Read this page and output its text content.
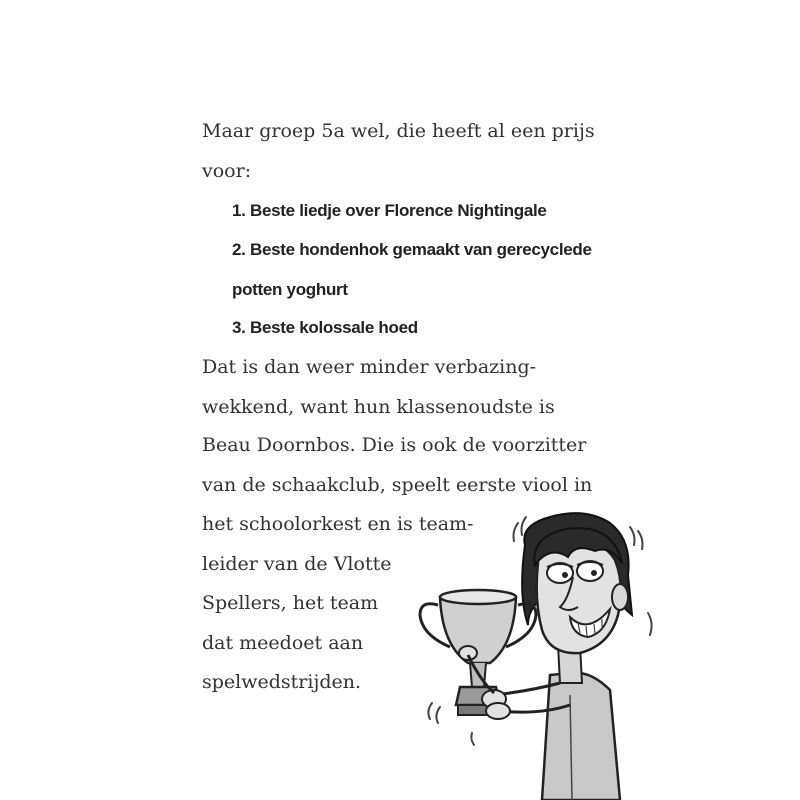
Maar groep 5a wel, die heeft al een prijs
voor:
1. Beste liedje over Florence Nightingale
2. Beste hondenhok gemaakt van gerecyclede
potten yoghurt
3. Beste kolossale hoed
Dat is dan weer minder verbazing-
wekkend, want hun klassenoudste is
Beau Doornbos. Die is ook de voorzitter
van de schaakclub, speelt eerste viool in
het schoolorkest en is team-
leider van de Vlotte
Spellers, het team
dat meedoet aan
spelwedstrijden.
